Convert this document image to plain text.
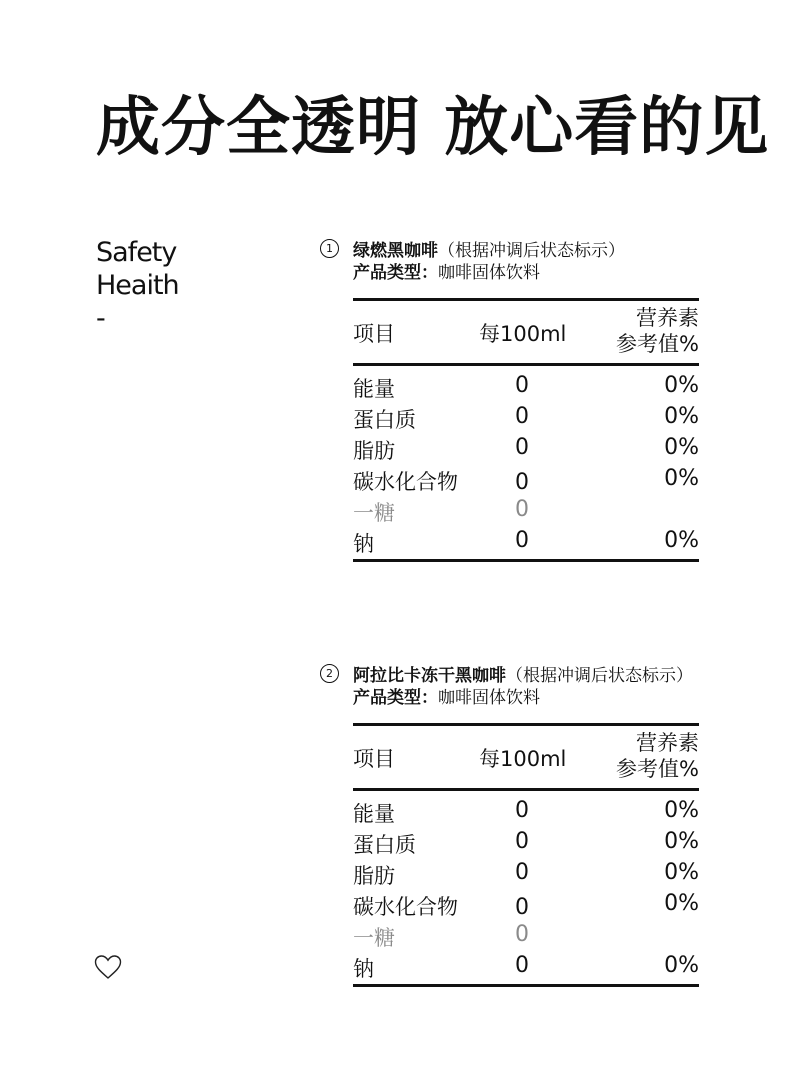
成分全透明 放心看的见
Safety
Heaith
-
1	绿燃黑咖啡 （根据冲调后状态标示）
产品类型：咖啡固体饮料
项目	每100ml
营养素
参考值%
能量	0	0%
蛋白质	0	0%
脂肪	0	0%
碳水化合物	0	0%
一糖	0
钠	0	0%
2	阿拉比卡冻干黑咖啡 （根据冲调后状态标示）
产品类型：咖啡固体饮料
项目	每100ml
营养素
参考值%
能量	0	0%
蛋白质	0	0%
脂肪	0	0%
碳水化合物	0	0%
一糖	0
钠	0	0%
